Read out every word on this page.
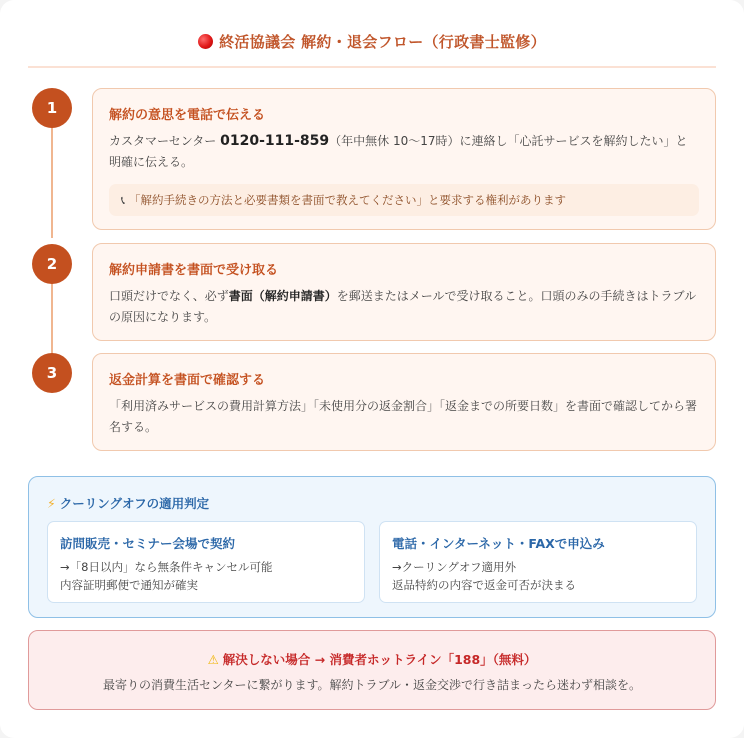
終活協議会 解約・退会フロー（行政書士監修）
1	解約の意思を電話で伝える
カスタマーセンター 0120-111-859（年中無休 10〜17時）に連絡し「心託サービスを解約したい」と明確に伝える。
📞︎ 「解約手続きの方法と必要書類を書面で教えてください」と要求する権利があります
2	解約申請書を書面で受け取る
口頭だけでなく、必ず書面（解約申請書）を郵送またはメールで受け取ること。口頭のみの手続きはトラブルの原因になります。
3	返金計算を書面で確認する
「利用済みサービスの費用計算方法」「未使用分の返金割合」「返金までの所要日数」を書面で確認してから署名する。
⚡︎ クーリングオフの適用判定
訪問販売・セミナー会場で契約
→「8日以内」なら無条件キャンセル可能
内容証明郵便で通知が確実
電話・インターネット・FAXで申込み
→クーリングオフ適用外
返品特約の内容で返金可否が決まる
⚠︎ 解決しない場合 → 消費者ホットライン「188」（無料）
最寄りの消費生活センターに繋がります。解約トラブル・返金交渉で行き詰まったら迷わず相談を。
